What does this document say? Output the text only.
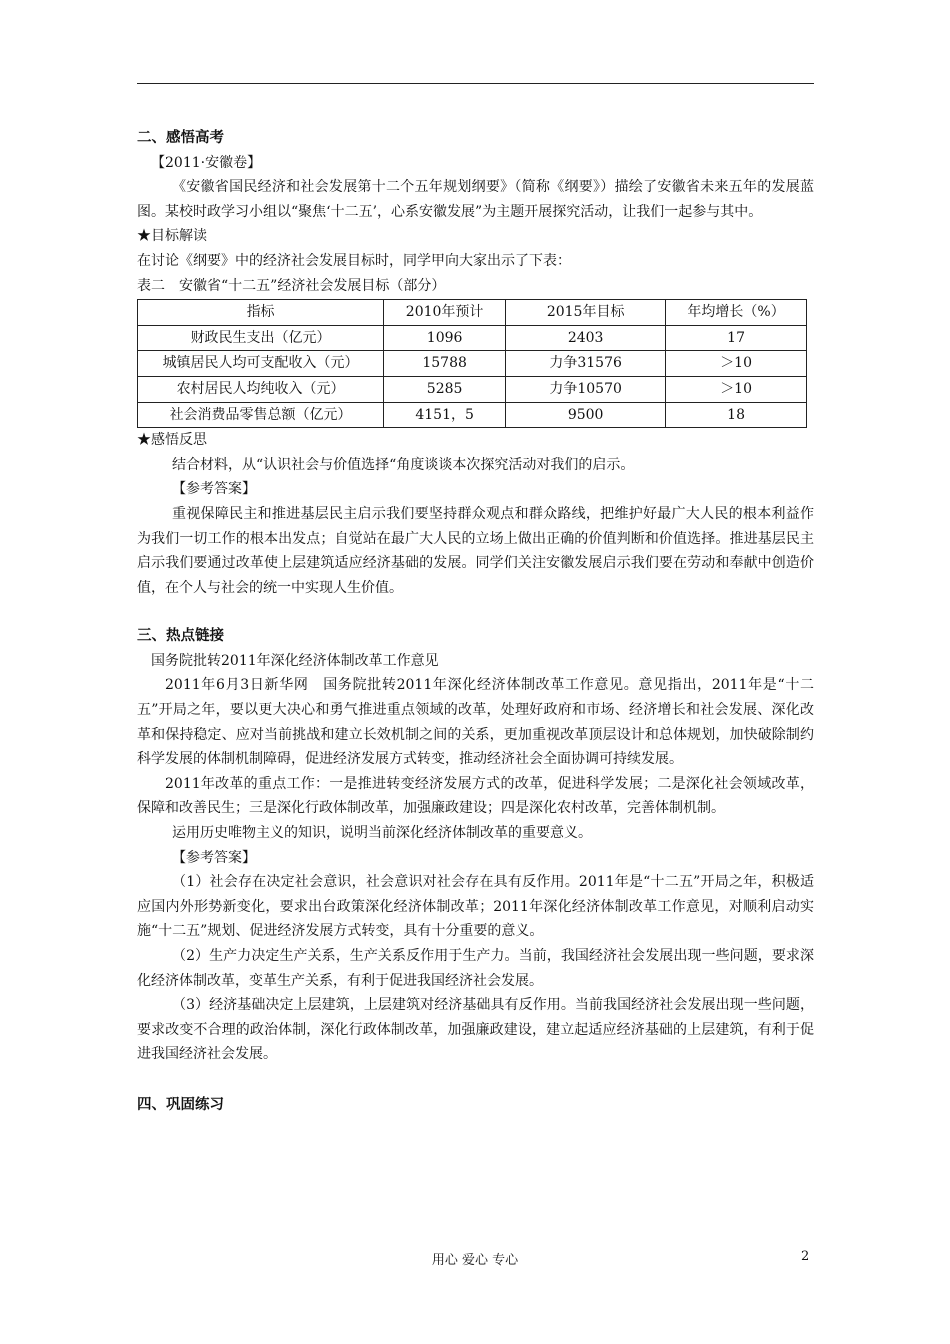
二、感悟高考

【2011·安徽卷】

《安徽省国民经济和社会发展第十二个五年规划纲要》（简称《纲要》）描绘了安徽省未来五年的发展蓝图。某校时政学习小组以“聚焦‘十二五’，心系安徽发展”为主题开展探究活动，让我们一起参与其中。

★目标解读

在讨论《纲要》中的经济社会发展目标时，同学甲向大家出示了下表：

表二　安徽省“十二五”经济社会发展目标（部分）

指标	2010年预计	2015年目标	年均增长（%）
财政民生支出（亿元）	1096	2403	17
城镇居民人均可支配收入（元）	15788	力争31576	＞10
农村居民人均纯收入（元）	5285	力争10570	＞10
社会消费品零售总额（亿元）	4151，5	9500	18

★感悟反思

结合材料，从“认识社会与价值选择“角度谈谈本次探究活动对我们的启示。

【参考答案】

重视保障民主和推进基层民主启示我们要坚持群众观点和群众路线，把维护好最广大人民的根本利益作为我们一切工作的根本出发点；自觉站在最广大人民的立场上做出正确的价值判断和价值选择。推进基层民主启示我们要通过改革使上层建筑适应经济基础的发展。同学们关注安徽发展启示我们要在劳动和奉献中创造价值，在个人与社会的统一中实现人生价值。

三、热点链接

国务院批转2011年深化经济体制改革工作意见

2011年6月3日新华网　国务院批转2011年深化经济体制改革工作意见。意见指出，2011年是“十二五”开局之年，要以更大决心和勇气推进重点领域的改革，处理好政府和市场、经济增长和社会发展、深化改革和保持稳定、应对当前挑战和建立长效机制之间的关系，更加重视改革顶层设计和总体规划，加快破除制约科学发展的体制机制障碍，促进经济发展方式转变，推动经济社会全面协调可持续发展。

2011年改革的重点工作：一是推进转变经济发展方式的改革，促进科学发展；二是深化社会领域改革，保障和改善民生；三是深化行政体制改革，加强廉政建设；四是深化农村改革，完善体制机制。

运用历史唯物主义的知识，说明当前深化经济体制改革的重要意义。

【参考答案】

（1）社会存在决定社会意识，社会意识对社会存在具有反作用。2011年是“十二五”开局之年，积极适应国内外形势新变化，要求出台政策深化经济体制改革；2011年深化经济体制改革工作意见，对顺利启动实施“十二五”规划、促进经济发展方式转变，具有十分重要的意义。

（2）生产力决定生产关系，生产关系反作用于生产力。当前，我国经济社会发展出现一些问题，要求深化经济体制改革，变革生产关系，有利于促进我国经济社会发展。

（3）经济基础决定上层建筑，上层建筑对经济基础具有反作用。当前我国经济社会发展出现一些问题，要求改变不合理的政治体制，深化行政体制改革，加强廉政建设，建立起适应经济基础的上层建筑，有利于促进我国经济社会发展。

四、巩固练习

用心 爱心 专心	2
